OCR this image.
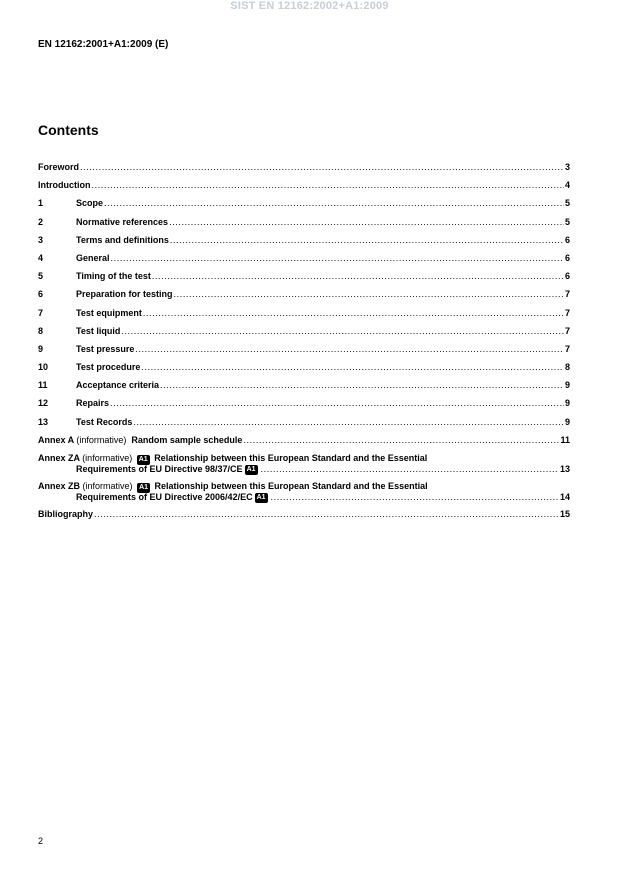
SIST EN 12162:2002+A1:2009
EN 12162:2001+A1:2009 (E)
Contents
Foreword .....	3
Introduction .....	4
1	Scope .....	5
2	Normative references .....	5
3	Terms and definitions .....	6
4	General .....	6
5	Timing of the test .....	6
6	Preparation for testing .....	7
7	Test equipment .....	7
8	Test liquid .....	7
9	Test pressure .....	7
10	Test procedure .....	8
11	Acceptance criteria .....	9
12	Repairs .....	9
13	Test Records .....	9
Annex A (informative) Random sample schedule .....	11
Annex ZA (informative) A1 Relationship between this European Standard and the Essential
Requirements of EU Directive 98/37/CE A1 .....	13
Annex ZB (informative) A1 Relationship between this European Standard and the Essential
Requirements of EU Directive 2006/42/EC A1 .....	14
Bibliography .....	15
2
